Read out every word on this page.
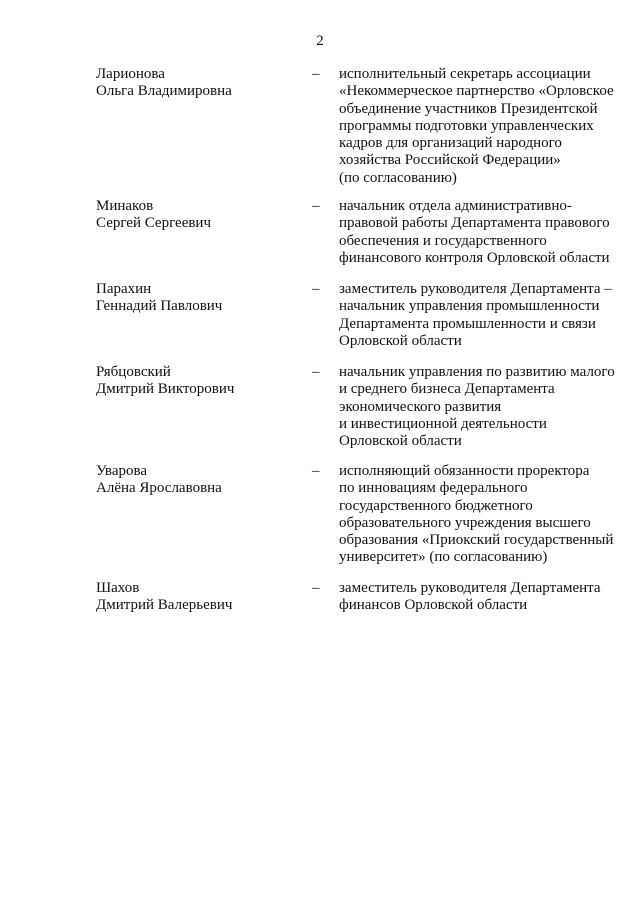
2
Ларионова
Ольга Владимировна
– исполнительный секретарь ассоциации
«Некоммерческое партнерство «Орловское
объединение участников Президентской
программы подготовки управленческих
кадров для организаций народного
хозяйства Российской Федерации»
(по согласованию)
Минаков
Сергей Сергеевич
– начальник отдела административно-
правовой работы Департамента правового
обеспечения и государственного
финансового контроля Орловской области
Парахин
Геннадий Павлович
– заместитель руководителя Департамента –
начальник управления промышленности
Департамента промышленности и связи
Орловской области
Рябцовский
Дмитрий Викторович
– начальник управления по развитию малого
и среднего бизнеса Департамента
экономического развития
и инвестиционной деятельности
Орловской области
Уварова
Алёна Ярославовна
– исполняющий обязанности проректора
по инновациям федерального
государственного бюджетного
образовательного учреждения высшего
образования «Приокский государственный
университет» (по согласованию)
Шахов
Дмитрий Валерьевич
– заместитель руководителя Департамента
финансов Орловской области
